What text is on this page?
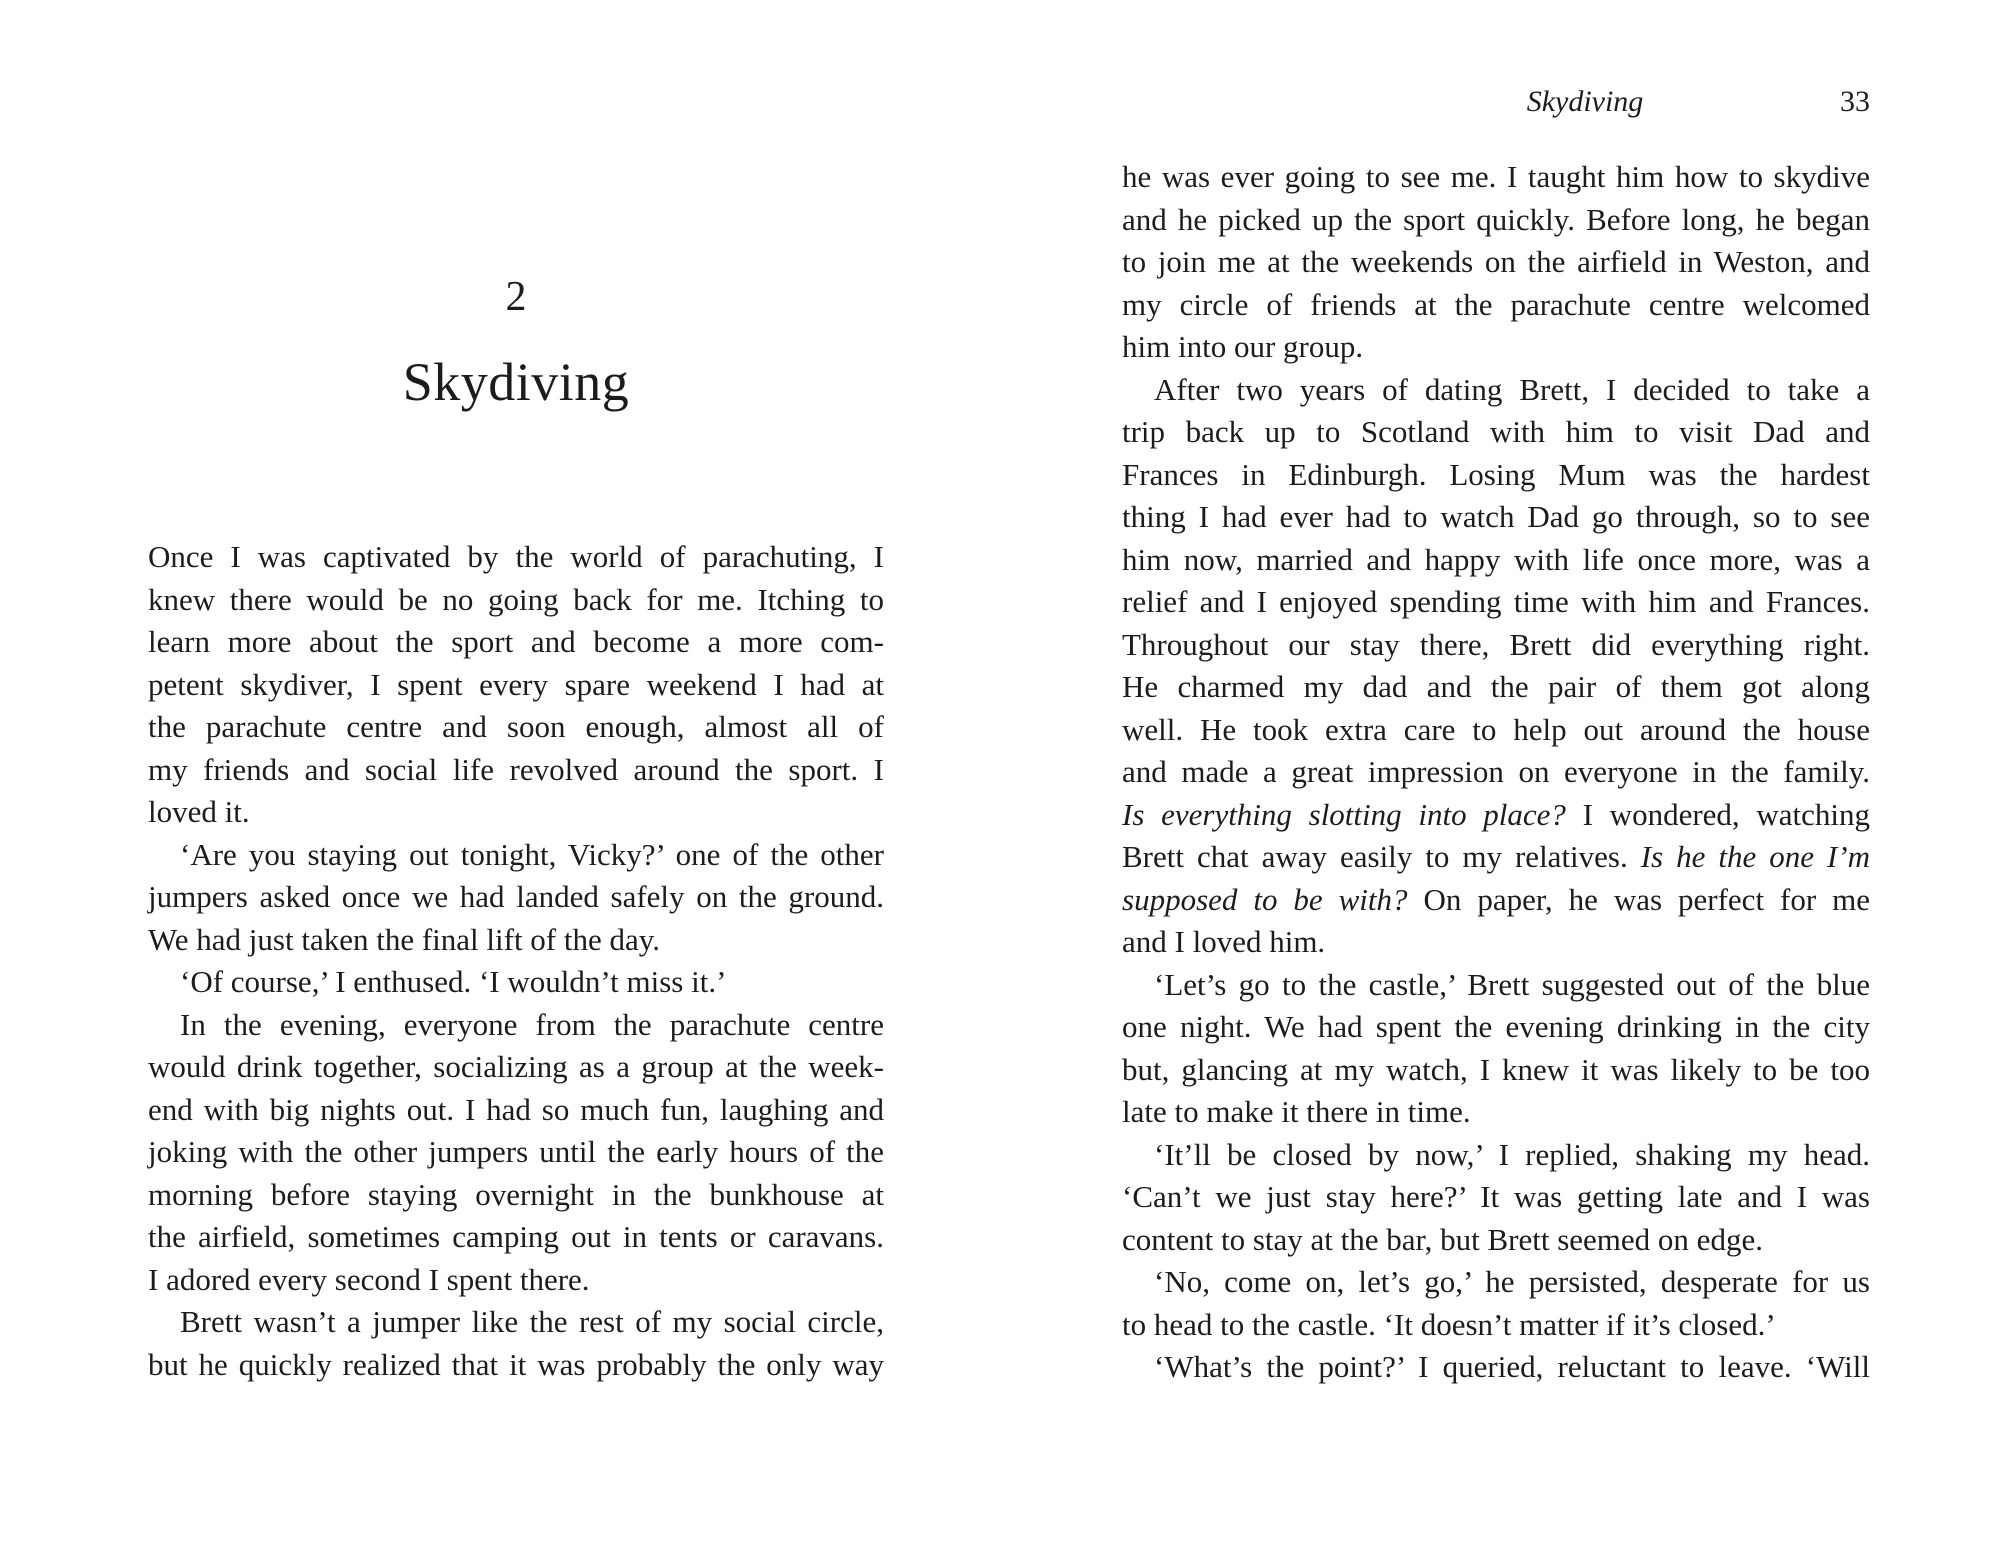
2
Skydiving
Once I was captivated by the world of parachuting, I
knew there would be no going back for me. Itching to
learn more about the sport and become a more com-
petent skydiver, I spent every spare weekend I had at
the parachute centre and soon enough, almost all of
my friends and social life revolved around the sport. I
loved it.
‘Are you staying out tonight, Vicky?’ one of the other
jumpers asked once we had landed safely on the ground.
We had just taken the final lift of the day.
‘Of course,’ I enthused. ‘I wouldn’t miss it.’
In the evening, everyone from the parachute centre
would drink together, socializing as a group at the week-
end with big nights out. I had so much fun, laughing and
joking with the other jumpers until the early hours of the
morning before staying overnight in the bunkhouse at
the airfield, sometimes camping out in tents or caravans.
I adored every second I spent there.
Brett wasn’t a jumper like the rest of my social circle,
but he quickly realized that it was probably the only way
Skydiving	33
he was ever going to see me. I taught him how to skydive
and he picked up the sport quickly. Before long, he began
to join me at the weekends on the airfield in Weston, and
my circle of friends at the parachute centre welcomed
him into our group.
After two years of dating Brett, I decided to take a
trip back up to Scotland with him to visit Dad and
Frances in Edinburgh. Losing Mum was the hardest
thing I had ever had to watch Dad go through, so to see
him now, married and happy with life once more, was a
relief and I enjoyed spending time with him and Frances.
Throughout our stay there, Brett did everything right.
He charmed my dad and the pair of them got along
well. He took extra care to help out around the house
and made a great impression on everyone in the family.
Is everything slotting into place? I wondered, watching
Brett chat away easily to my relatives. Is he the one I’m
supposed to be with? On paper, he was perfect for me
and I loved him.
‘Let’s go to the castle,’ Brett suggested out of the blue
one night. We had spent the evening drinking in the city
but, glancing at my watch, I knew it was likely to be too
late to make it there in time.
‘It’ll be closed by now,’ I replied, shaking my head.
‘Can’t we just stay here?’ It was getting late and I was
content to stay at the bar, but Brett seemed on edge.
‘No, come on, let’s go,’ he persisted, desperate for us
to head to the castle. ‘It doesn’t matter if it’s closed.’
‘What’s the point?’ I queried, reluctant to leave. ‘Will
